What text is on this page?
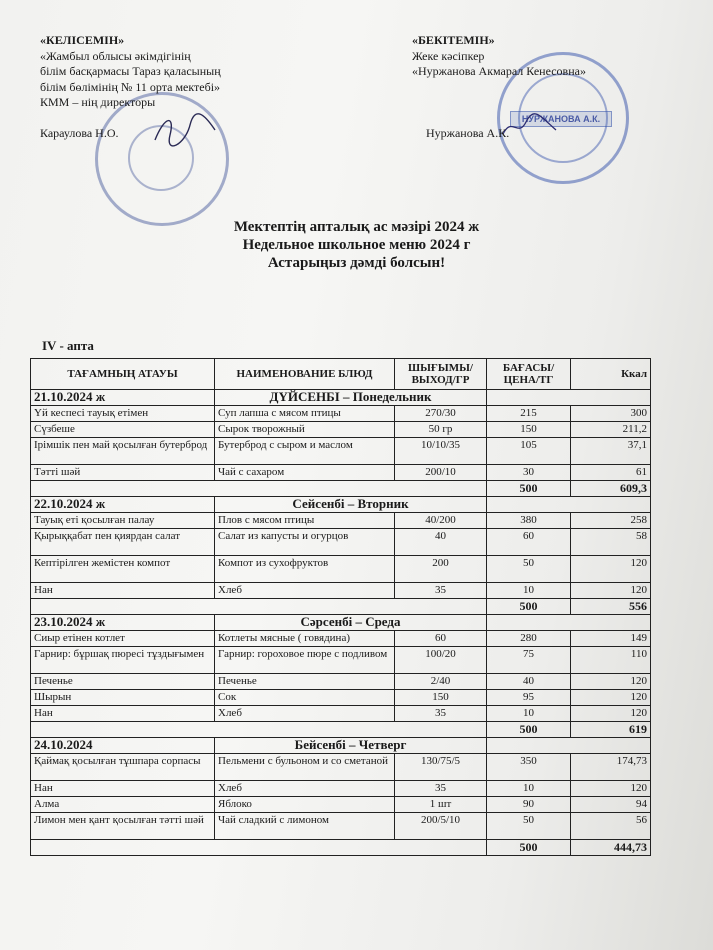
НУРЖАНОВА А.К.
«КЕЛІСЕМІН»
«Жамбыл облысы әкімдігінің
білім басқармасы Тараз қаласының
білім бөлімінің № 11 орта мектебі»
КММ – нің директоры
Караулова Н.О.
«БЕКІТЕМІН»
Жеке кәсіпкер
«Нуржанова Акмарал Кенесовна»
Нуржанова А.К.
Мектептің апталық ас мәзірі 2024 ж
Недельное школьное меню 2024 г
Астарыңыз дәмді болсын!
IV - апта
ТАҒАМНЫҢ АТАУЫ	НАИМЕНОВАНИЕ БЛЮД	ШЫҒЫМЫ/ ВЫХОД/ГР	БАҒАСЫ/ ЦЕНА/ТГ	Ккал
21.10.2024 ж	ДҮЙСЕНБІ – Понедельник			
Үй кеспесі тауық етімен	Суп лапша с мясом птицы	270/30	215	300
Сүзбеше	Сырок творожный	50 гр	150	211,2
Ірімшік пен май қосылған бутерброд	Бутерброд с сыром и маслом	10/10/35	105	37,1
Тәтті шәй	Чай с сахаром	200/10	30	61
			500	609,3
22.10.2024 ж	Сейсенбі – Вторник			
Тауық еті қосылған палау	Плов с мясом птицы	40/200	380	258
Қырыққабат пен қиярдан салат	Салат из капусты и огурцов	40	60	58
Кептірілген жемістен компот	Компот из сухофруктов	200	50	120
Нан	Хлеб	35	10	120
			500	556
23.10.2024 ж	Сәрсенбі – Среда			
Сиыр етінен котлет	Котлеты мясные ( говядина)	60	280	149
Гарнир: бұршақ пюресі тұздығымен	Гарнир: гороховое пюре с подливом	100/20	75	110
Печенье	Печенье	2/40	40	120
Шырын	Сок	150	95	120
Нан	Хлеб	35	10	120
			500	619
24.10.2024	Бейсенбі – Четверг			
Қаймақ қосылған тұшпара сорпасы	Пельмени с бульоном и со сметаной	130/75/5	350	174,73
Нан	Хлеб	35	10	120
Алма	Яблоко	1 шт	90	94
Лимон мен қант қосылған тәтті шәй	Чай сладкий с лимоном	200/5/10	50	56
			500	444,73
